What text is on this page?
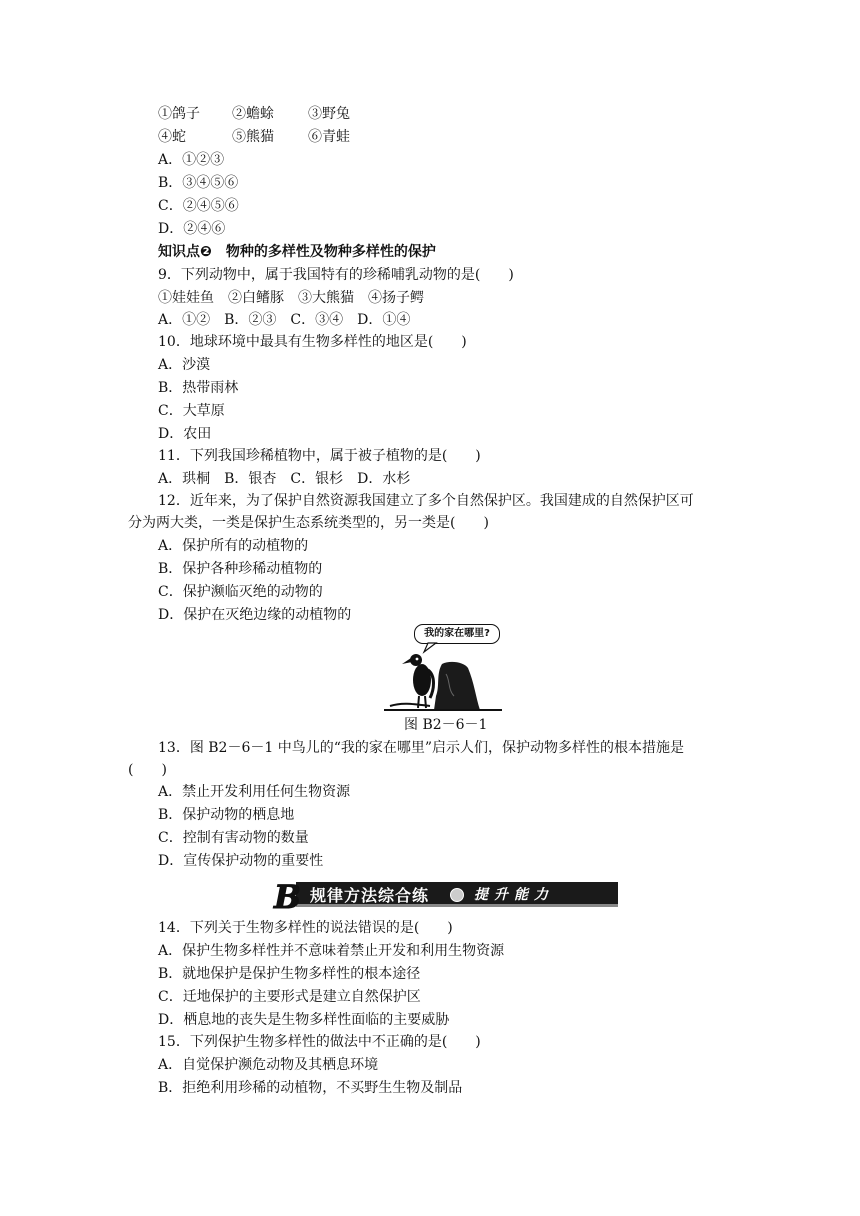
①鸽子 ②蟾蜍 ③野兔
④蛇	⑤熊猫 ⑥青蛙
A．①②③
B．③④⑤⑥
C．②④⑤⑥
D．②④⑥
知识点❷　物种的多样性及物种多样性的保护
9．下列动物中，属于我国特有的珍稀哺乳动物的是(　　)
①娃娃鱼　②白鳍豚　③大熊猫　④扬子鳄
A．①②　B．②③　C．③④　D．①④
10．地球环境中最具有生物多样性的地区是(　　)
A．沙漠
B．热带雨林
C．大草原
D．农田
11．下列我国珍稀植物中，属于被子植物的是(　　)
A．珙桐　B．银杏　C．银杉　D．水杉
12．近年来，为了保护自然资源我国建立了多个自然保护区。我国建成的自然保护区可
分为两大类，一类是保护生态系统类型的，另一类是(　　)
A．保护所有的动植物的
B．保护各种珍稀动植物的
C．保护濒临灭绝的动物的
D．保护在灭绝边缘的动植物的
我的家在哪里?
图 B2－6－1
13．图 B2－6－1 中鸟儿的“我的家在哪里”启示人们，保护动物多样性的根本措施是
(　　)
A．禁止开发利用任何生物资源
B．保护动物的栖息地
C．控制有害动物的数量
D．宣传保护动物的重要性
B 规律方法综合练	提升能力
14．下列关于生物多样性的说法错误的是(　　)
A．保护生物多样性并不意味着禁止开发和利用生物资源
B．就地保护是保护生物多样性的根本途径
C．迁地保护的主要形式是建立自然保护区
D．栖息地的丧失是生物多样性面临的主要威胁
15．下列保护生物多样性的做法中不正确的是(　　)
A．自觉保护濒危动物及其栖息环境
B．拒绝利用珍稀的动植物，不买野生生物及制品
